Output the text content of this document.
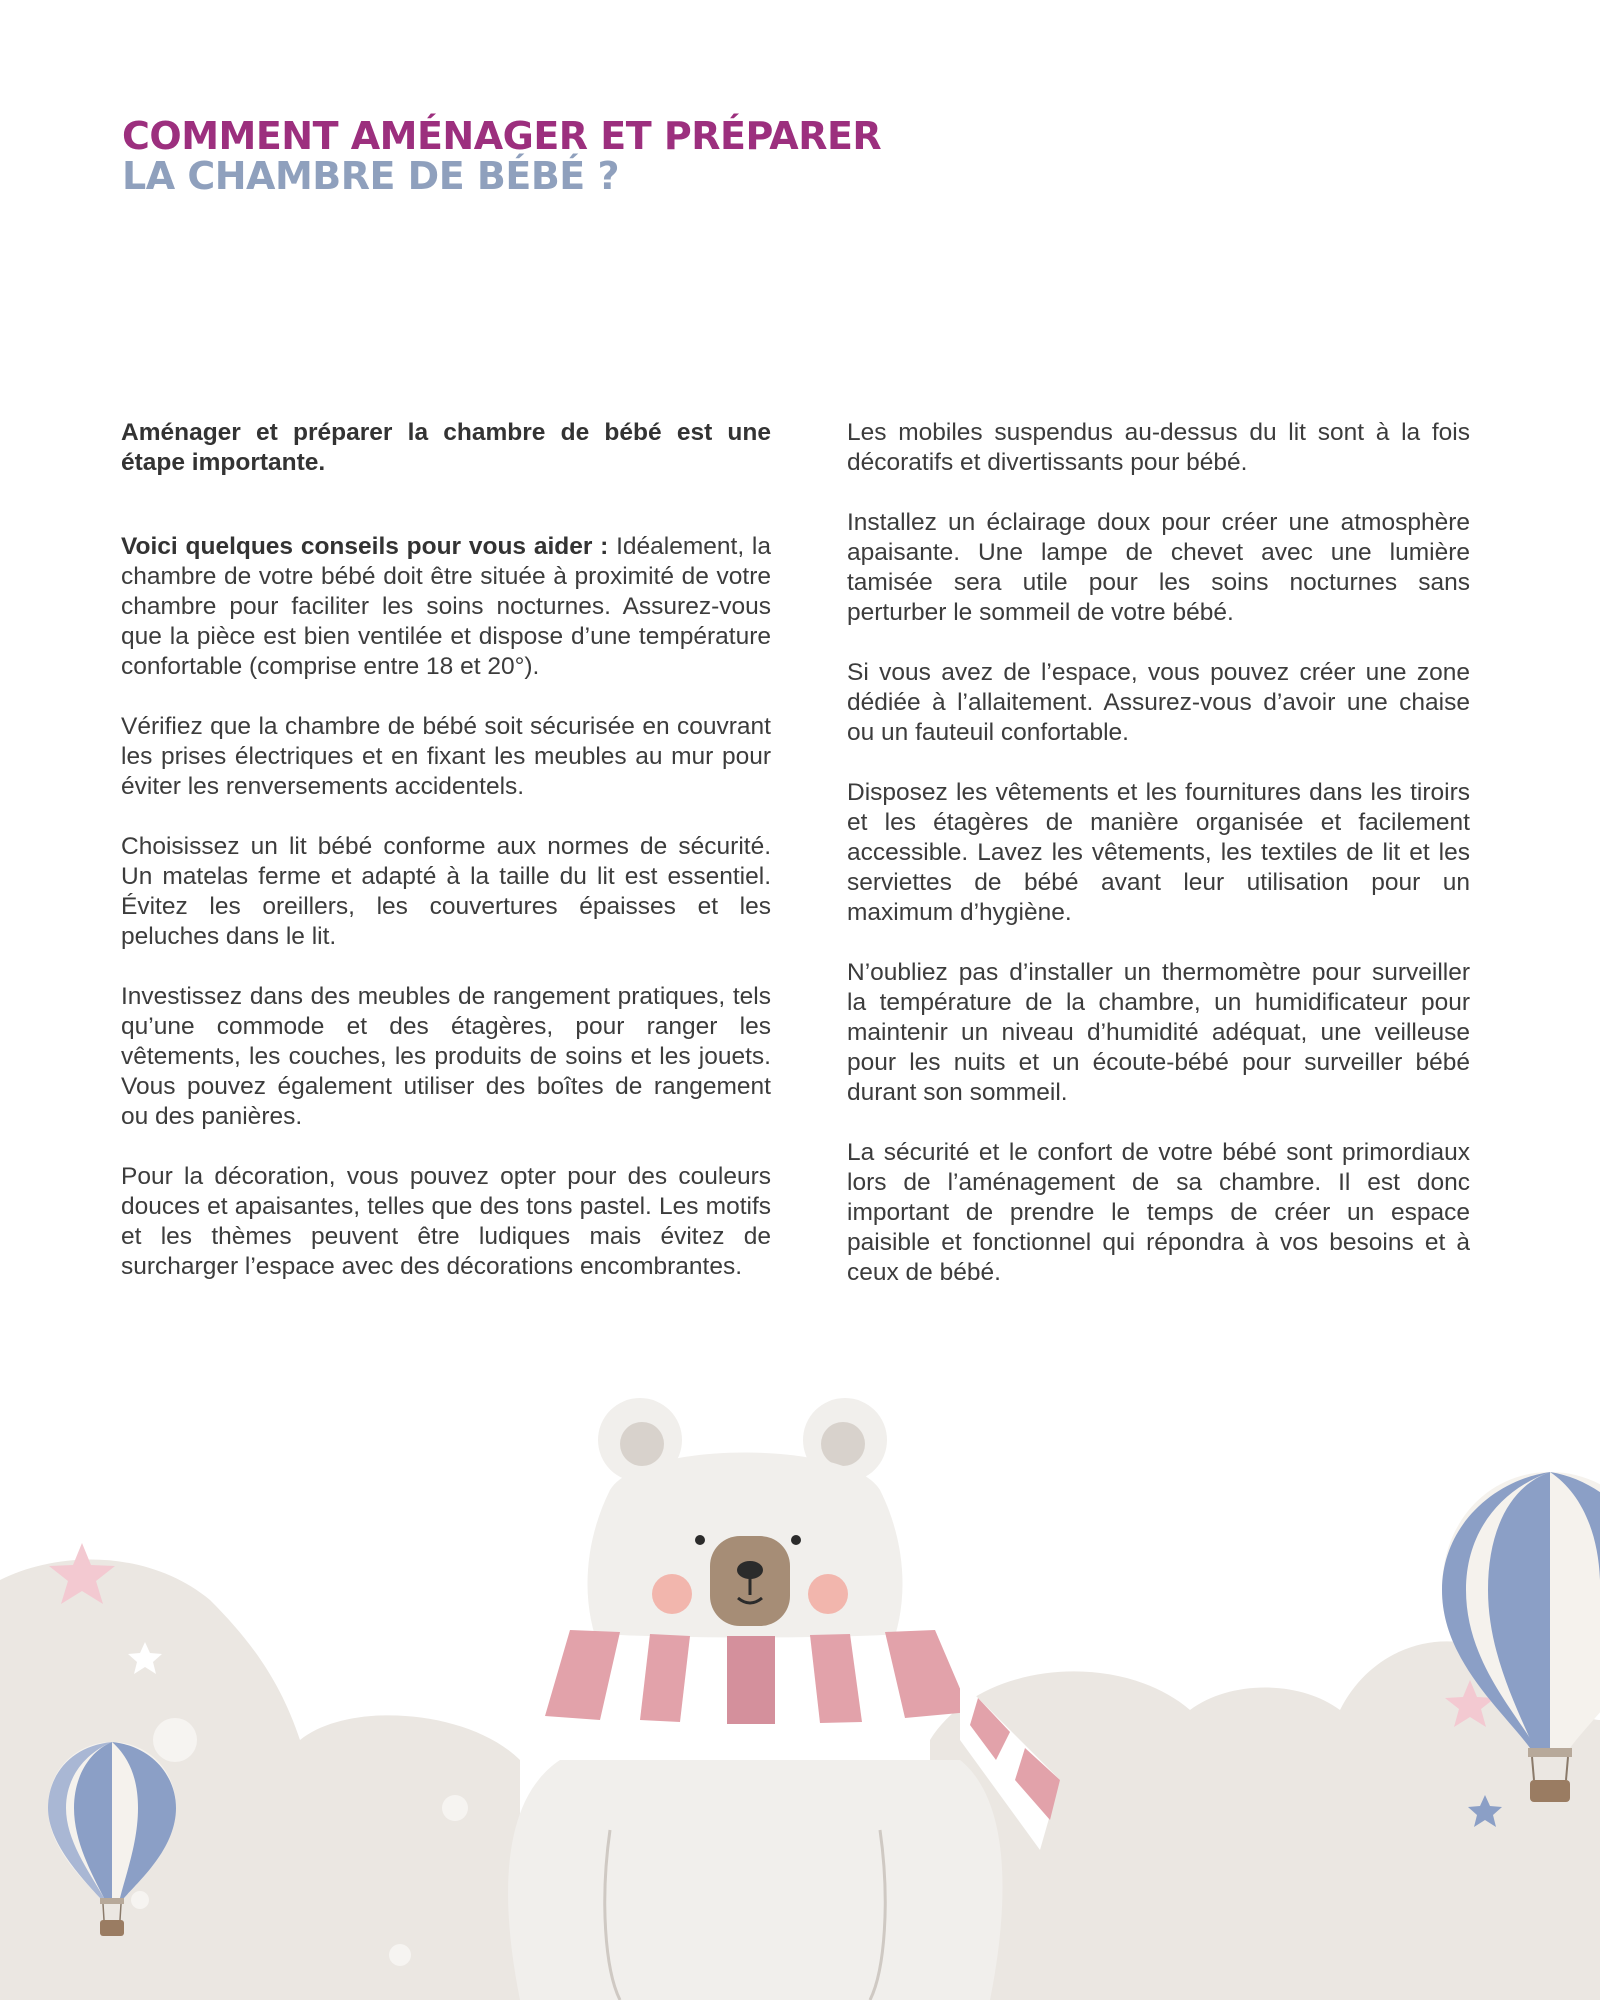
COMMENT AMÉNAGER ET PRÉPARER
LA CHAMBRE DE BÉBÉ ?

Aménager et préparer la chambre de bébé est une étape importante.

Voici quelques conseils pour vous aider : Idéalement, la chambre de votre bébé doit être située à proximité de votre chambre pour faciliter les soins nocturnes. Assurez-vous que la pièce est bien ventilée et dispose d’une température confortable (comprise entre 18 et 20°).

Vérifiez que la chambre de bébé soit sécurisée en couvrant les prises électriques et en fixant les meubles au mur pour éviter les renversements accidentels.

Choisissez un lit bébé conforme aux normes de sécurité. Un matelas ferme et adapté à la taille du lit est essentiel. Évitez les oreillers, les couvertures épaisses et les peluches dans le lit.

Investissez dans des meubles de rangement pratiques, tels qu’une commode et des étagères, pour ranger les vêtements, les couches, les produits de soins et les jouets. Vous pouvez également utiliser des boîtes de rangement ou des panières.

Pour la décoration, vous pouvez opter pour des couleurs douces et apaisantes, telles que des tons pastel. Les motifs et les thèmes peuvent être ludiques mais évitez de surcharger l’espace avec des décorations encombrantes.

Les mobiles suspendus au-dessus du lit sont à la fois décoratifs et divertissants pour bébé.

Installez un éclairage doux pour créer une atmosphère apaisante. Une lampe de chevet avec une lumière tamisée sera utile pour les soins nocturnes sans perturber le sommeil de votre bébé.

Si vous avez de l’espace, vous pouvez créer une zone dédiée à l’allaitement. Assurez-vous d’avoir une chaise ou un fauteuil confortable.

Disposez les vêtements et les fournitures dans les tiroirs et les étagères de manière organisée et facilement accessible. Lavez les vêtements, les textiles de lit et les serviettes de bébé avant leur utilisation pour un maximum d’hygiène.

N’oubliez pas d’installer un thermomètre pour surveiller la température de la chambre, un humidificateur pour maintenir un niveau d’humidité adéquat, une veilleuse pour les nuits et un écoute-bébé pour surveiller bébé durant son sommeil.

La sécurité et le confort de votre bébé sont primordiaux lors de l’aménagement de sa chambre. Il est donc important de prendre le temps de créer un espace paisible et fonctionnel qui répondra à vos besoins et à ceux de bébé.
